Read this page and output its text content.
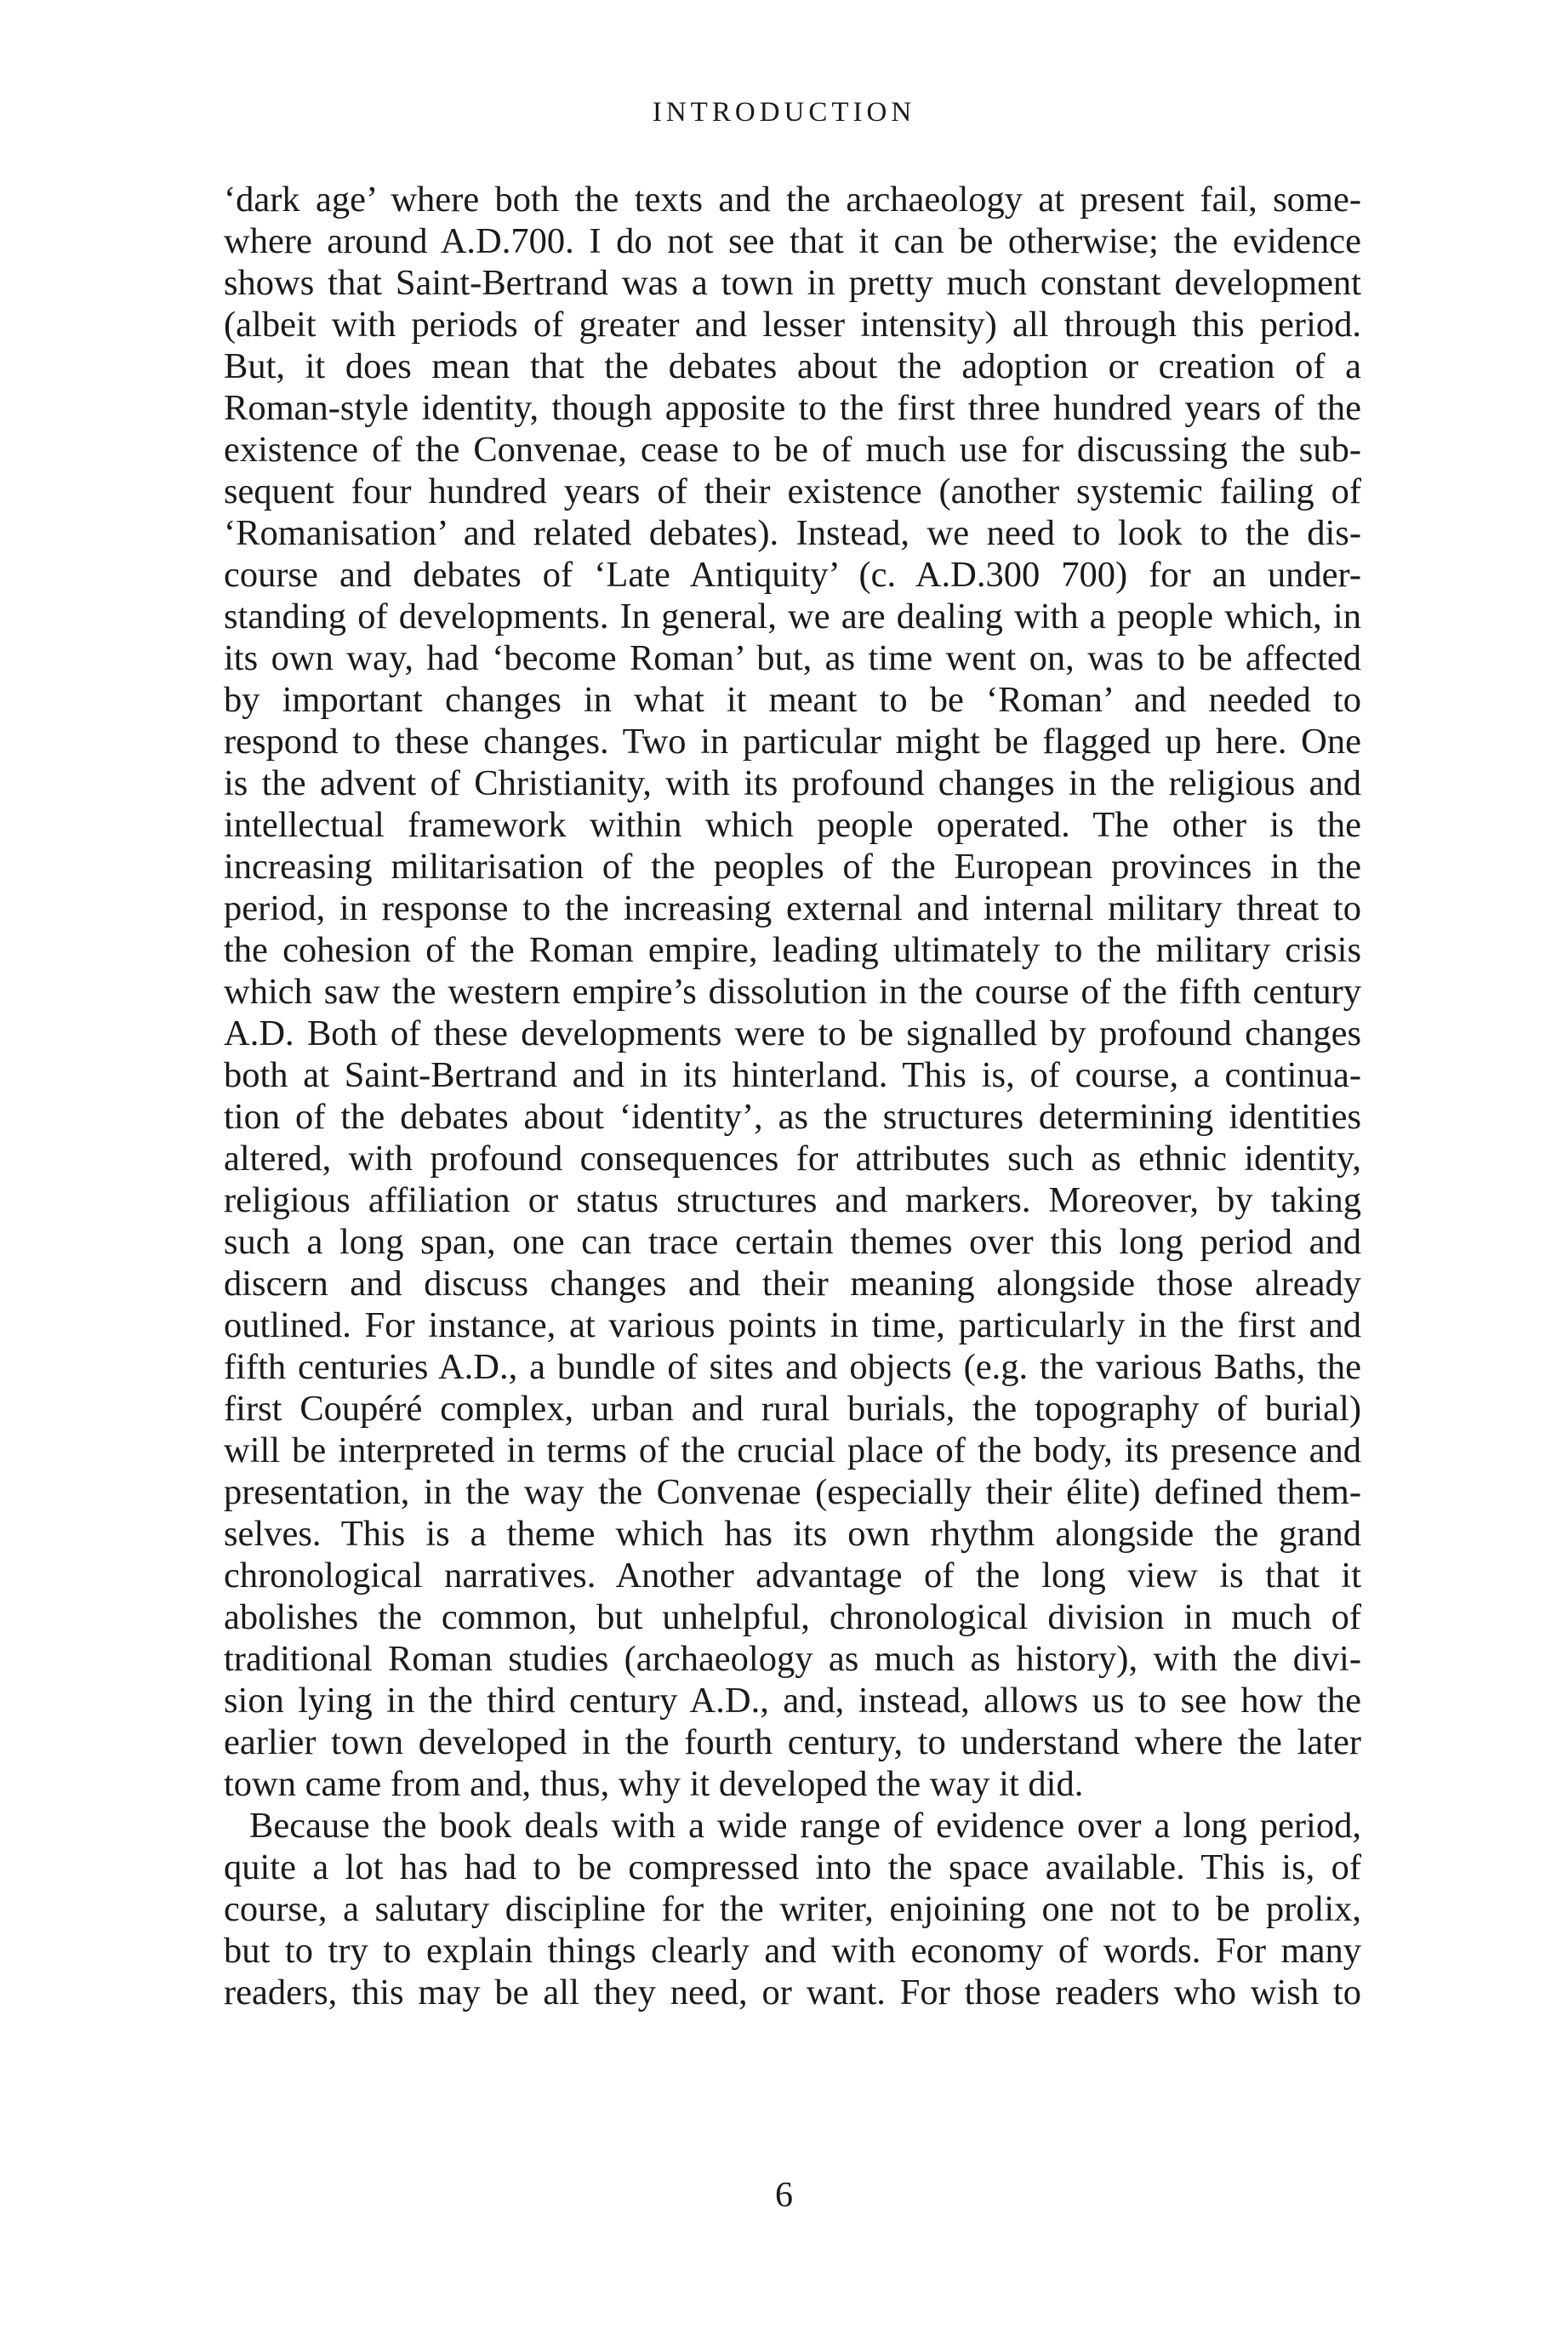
INTRODUCTION
‘dark age’ where both the texts and the archaeology at present fail, some-
where around A.D.700. I do not see that it can be otherwise; the evidence
shows that Saint-Bertrand was a town in pretty much constant development
(albeit with periods of greater and lesser intensity) all through this period.
But, it does mean that the debates about the adoption or creation of a
Roman-style identity, though apposite to the first three hundred years of the
existence of the Convenae, cease to be of much use for discussing the sub-
sequent four hundred years of their existence (another systemic failing of
‘Romanisation’ and related debates). Instead, we need to look to the dis-
course and debates of ‘Late Antiquity’ (c. A.D.300 700) for an under-
standing of developments. In general, we are dealing with a people which, in
its own way, had ‘become Roman’ but, as time went on, was to be affected
by important changes in what it meant to be ‘Roman’ and needed to
respond to these changes. Two in particular might be flagged up here. One
is the advent of Christianity, with its profound changes in the religious and
intellectual framework within which people operated. The other is the
increasing militarisation of the peoples of the European provinces in the
period, in response to the increasing external and internal military threat to
the cohesion of the Roman empire, leading ultimately to the military crisis
which saw the western empire’s dissolution in the course of the fifth century
A.D. Both of these developments were to be signalled by profound changes
both at Saint-Bertrand and in its hinterland. This is, of course, a continua-
tion of the debates about ‘identity’, as the structures determining identities
altered, with profound consequences for attributes such as ethnic identity,
religious affiliation or status structures and markers. Moreover, by taking
such a long span, one can trace certain themes over this long period and
discern and discuss changes and their meaning alongside those already
outlined. For instance, at various points in time, particularly in the first and
fifth centuries A.D., a bundle of sites and objects (e.g. the various Baths, the
first Coupéré complex, urban and rural burials, the topography of burial)
will be interpreted in terms of the crucial place of the body, its presence and
presentation, in the way the Convenae (especially their élite) defined them-
selves. This is a theme which has its own rhythm alongside the grand
chronological narratives. Another advantage of the long view is that it
abolishes the common, but unhelpful, chronological division in much of
traditional Roman studies (archaeology as much as history), with the divi-
sion lying in the third century A.D., and, instead, allows us to see how the
earlier town developed in the fourth century, to understand where the later
town came from and, thus, why it developed the way it did.
Because the book deals with a wide range of evidence over a long period,
quite a lot has had to be compressed into the space available. This is, of
course, a salutary discipline for the writer, enjoining one not to be prolix,
but to try to explain things clearly and with economy of words. For many
readers, this may be all they need, or want. For those readers who wish to
6
